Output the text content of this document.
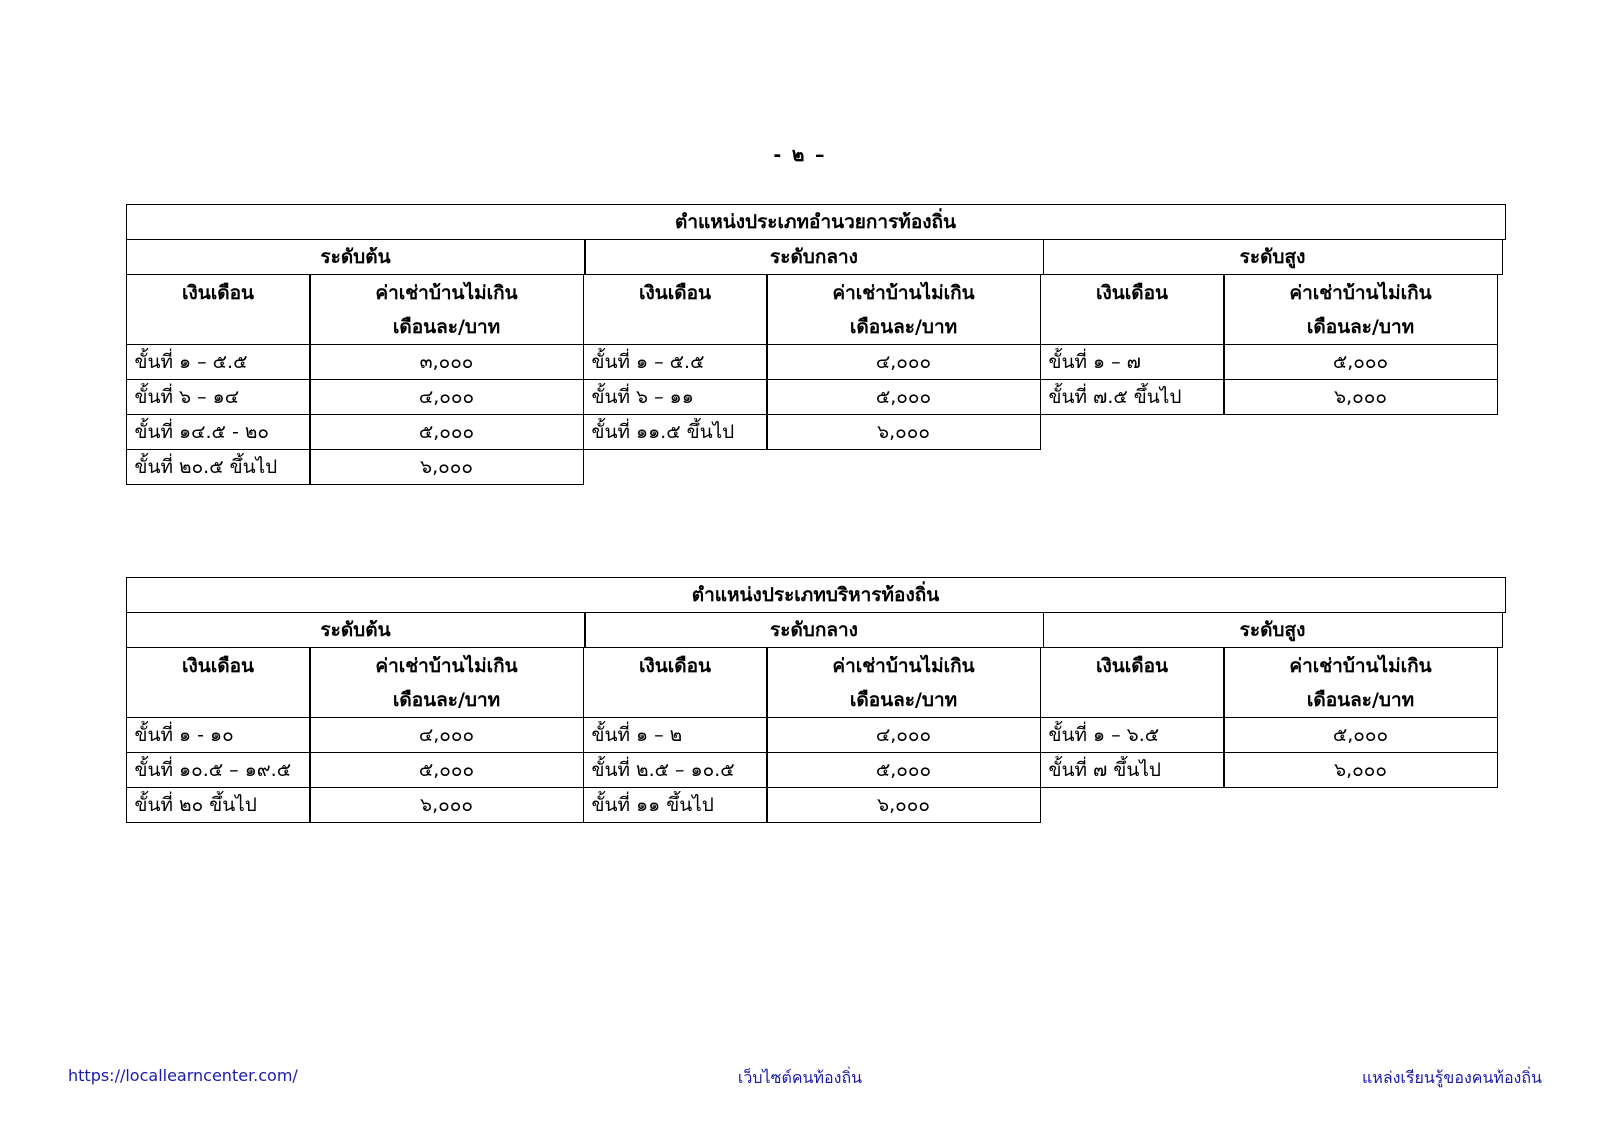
- ๒ –
ตำแหน่งประเภทอำนวยการท้องถิ่น
ระดับต้น	ระดับกลาง	ระดับสูง
เงินเดือน	ค่าเช่าบ้านไม่เกิน
เดือนละ/บาท
เงินเดือน	ค่าเช่าบ้านไม่เกิน
เดือนละ/บาท
เงินเดือน	ค่าเช่าบ้านไม่เกิน
เดือนละ/บาท
ขั้นที่ ๑ – ๕.๕	๓,๐๐๐	ขั้นที่ ๑ – ๕.๕	๔,๐๐๐	ขั้นที่ ๑ – ๗	๕,๐๐๐
ขั้นที่ ๖ – ๑๔	๔,๐๐๐	ขั้นที่ ๖ – ๑๑	๕,๐๐๐	ขั้นที่ ๗.๕ ขึ้นไป	๖,๐๐๐
ขั้นที่ ๑๔.๕ - ๒๐	๕,๐๐๐	ขั้นที่ ๑๑.๕ ขึ้นไป	๖,๐๐๐
ขั้นที่ ๒๐.๕ ขึ้นไป	๖,๐๐๐
ตำแหน่งประเภทบริหารท้องถิ่น
ระดับต้น	ระดับกลาง	ระดับสูง
เงินเดือน	ค่าเช่าบ้านไม่เกิน
เดือนละ/บาท
เงินเดือน	ค่าเช่าบ้านไม่เกิน
เดือนละ/บาท
เงินเดือน	ค่าเช่าบ้านไม่เกิน
เดือนละ/บาท
ขั้นที่ ๑ - ๑๐	๔,๐๐๐	ขั้นที่ ๑ – ๒	๔,๐๐๐	ขั้นที่ ๑ – ๖.๕	๕,๐๐๐
ขั้นที่ ๑๐.๕ – ๑๙.๕	๕,๐๐๐	ขั้นที่ ๒.๕ – ๑๐.๕	๕,๐๐๐	ขั้นที่ ๗ ขึ้นไป	๖,๐๐๐
ขั้นที่ ๒๐ ขึ้นไป	๖,๐๐๐	ขั้นที่ ๑๑ ขึ้นไป	๖,๐๐๐
https://locallearncenter.com/	เว็บไซต์คนท้องถิ่น	แหล่งเรียนรู้ของคนท้องถิ่น
